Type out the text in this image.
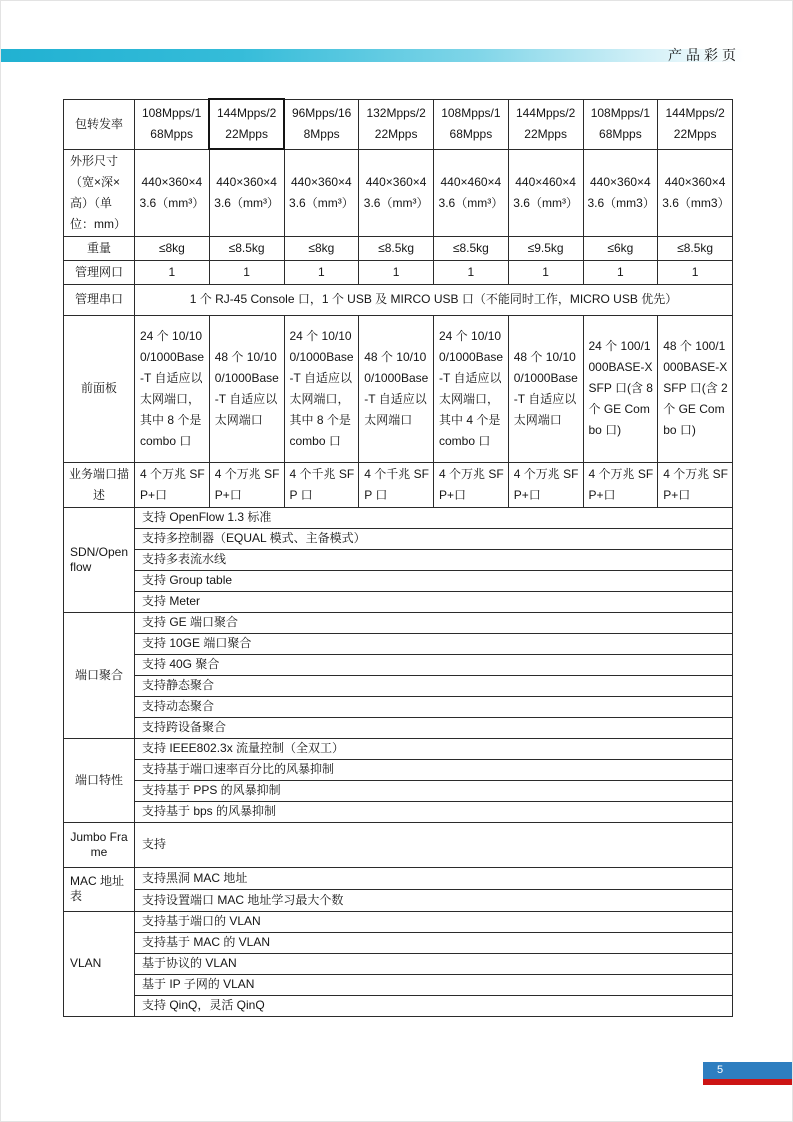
产品彩页
包转发率	108Mpps/168Mpps	144Mpps/222Mpps	96Mpps/168Mpps	132Mpps/222Mpps	108Mpps/168Mpps	144Mpps/222Mpps	108Mpps/168Mpps	144Mpps/222Mpps
外形尺寸（宽×深×高）（单位：mm）	440×360×43.6（mm³）	440×360×43.6（mm³）	440×360×43.6（mm³）	440×360×43.6（mm³）	440×460×43.6（mm³）	440×460×43.6（mm³）	440×360×43.6（mm3）	440×360×43.6（mm3）
重量	≤8kg	≤8.5kg	≤8kg	≤8.5kg	≤8.5kg	≤9.5kg	≤6kg	≤8.5kg
管理网口	1	1	1	1	1	1	1	1
管理串口	1 个 RJ-45 Console 口，1 个 USB 及 MIRCO USB 口（不能同时工作，MICRO USB 优先）							
前面板	24 个 10/100/1000Base-T 自适应以太网端口，其中 8 个是 combo 口	48 个 10/100/1000Base-T 自适应以太网端口	24 个 10/100/1000Base-T 自适应以太网端口，其中 8 个是 combo 口	48 个 10/100/1000Base-T 自适应以太网端口	24 个 10/100/1000Base-T 自适应以太网端口，其中 4 个是 combo 口	48 个 10/100/1000Base-T 自适应以太网端口	24 个 100/1000BASE-X SFP 口(含 8 个 GE Combo 口)	48 个 100/1000BASE-X SFP 口(含 2 个 GE Combo 口)
业务端口描述	4 个万兆 SFP+口	4 个万兆 SFP+口	4 个千兆 SFP 口	4 个千兆 SFP 口	4 个万兆 SFP+口	4 个万兆 SFP+口	4 个万兆 SFP+口	4 个万兆 SFP+口
SDN/Openflow	支持 OpenFlow 1.3 标准							
	支持多控制器（EQUAL 模式、主备模式）							
	支持多表流水线							
	支持 Group table							
	支持 Meter							
端口聚合	支持 GE 端口聚合							
	支持 10GE 端口聚合							
	支持 40G 聚合							
	支持静态聚合							
	支持动态聚合							
	支持跨设备聚合							
端口特性	支持 IEEE802.3x 流量控制（全双工）							
	支持基于端口速率百分比的风暴抑制							
	支持基于 PPS 的风暴抑制							
	支持基于 bps 的风暴抑制							
Jumbo Frame	支持							
MAC 地址表	支持黑洞 MAC 地址							
	支持设置端口 MAC 地址学习最大个数							
VLAN	支持基于端口的 VLAN							
	支持基于 MAC 的 VLAN							
	基于协议的 VLAN							
	基于 IP 子网的 VLAN							
	支持 QinQ，灵活 QinQ							
5
